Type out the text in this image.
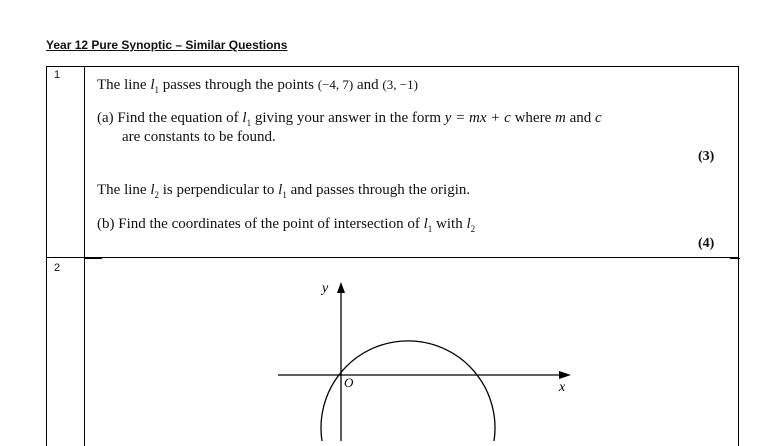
Year 12 Pure Synoptic – Similar Questions
1
2
The line $l_1$ passes through the points (−4, 7) and (3, −1)
(a) Find the equation of $l_1$ giving your answer in the form y = mx + c where m and c
are constants to be found.
(3)
The line $l_2$ is perpendicular to $l_1$ and passes through the origin.
(b) Find the coordinates of the point of intersection of $l_1$ with $l_2$
(4)
y
x
O
